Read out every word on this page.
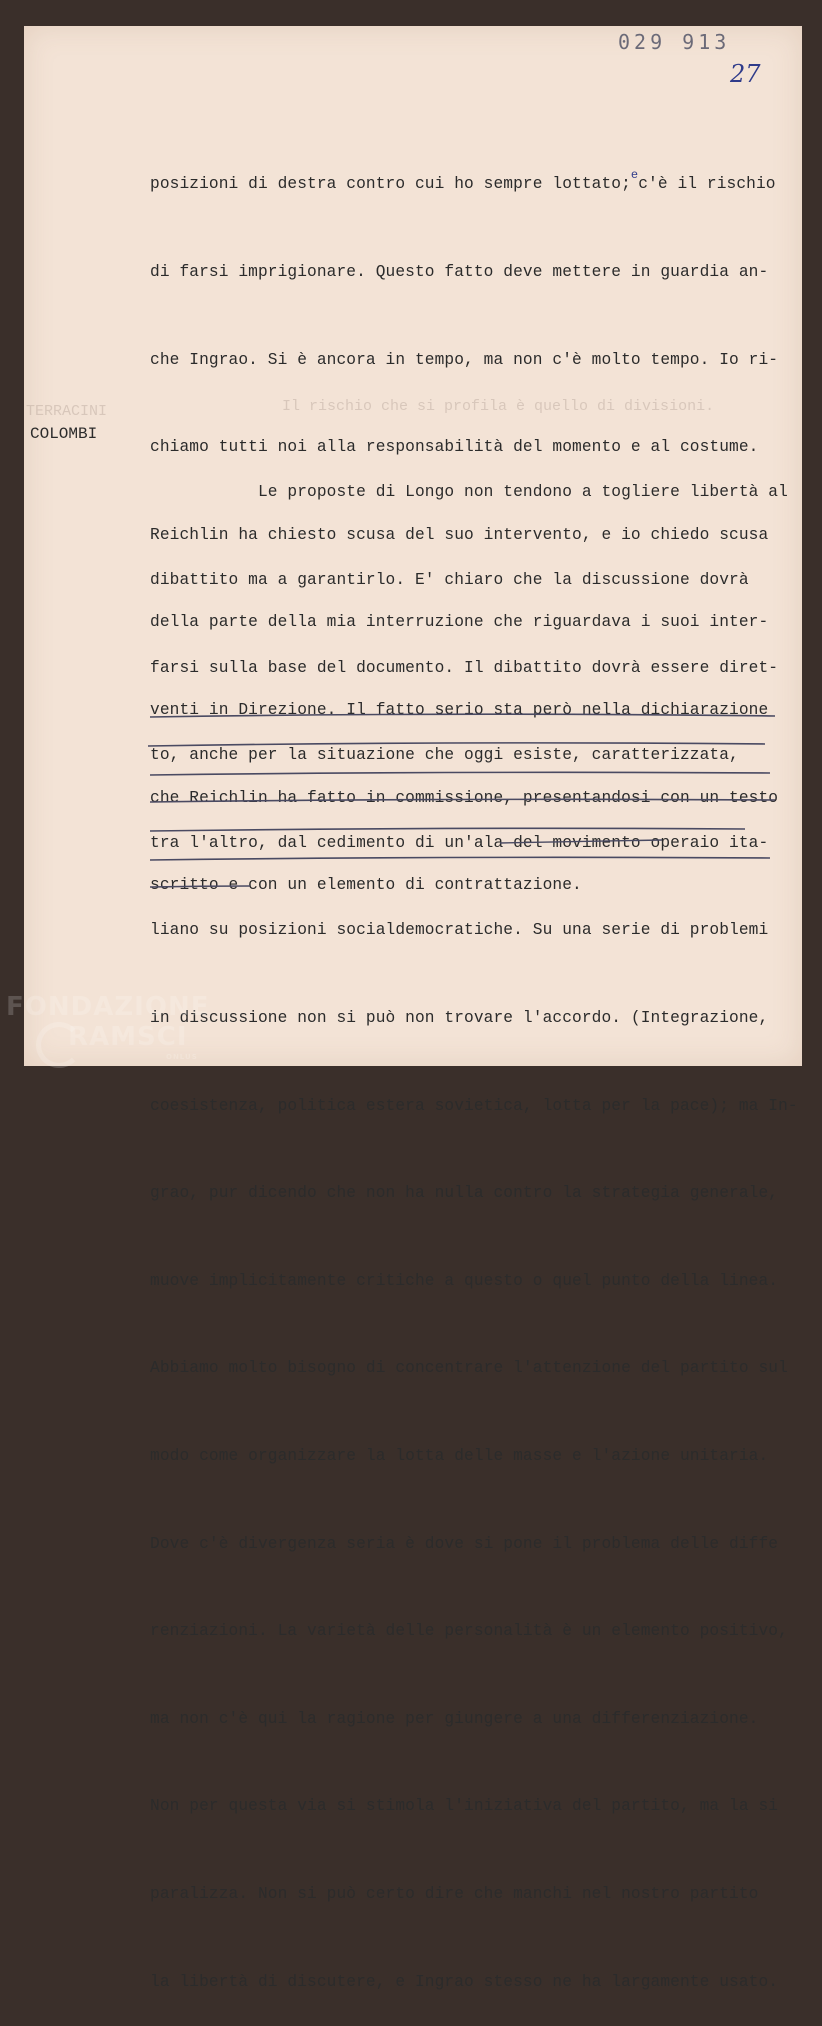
029 913
27
TERRACINI	Il rischio che si profila è quello di divisioni.

posizioni di destra contro cui ho sempre lottato;$^e$c'è il rischio

di farsi imprigionare. Questo fatto deve mettere in guardia an-

che Ingrao. Si è ancora in tempo, ma non c'è molto tempo. Io ri-

chiamo tutti noi alla responsabilità del momento e al costume.

Reichlin ha chiesto scusa del suo intervento, e io chiedo scusa

della parte della mia interruzione che riguardava i suoi inter-

venti in Direzione. Il fatto serio sta però nella dichiarazione

che Reichlin ha fatto in commissione, presentandosi con un testo

scritto e con un elemento di contrattazione.

COLOMBI

Le proposte di Longo non tendono a togliere libertà al

dibattito ma a garantirlo. E' chiaro che la discussione dovrà

farsi sulla base del documento. Il dibattito dovrà essere diret-

to, anche per la situazione che oggi esiste, caratterizzata,

tra l'altro, dal cedimento di un'ala del movimento operaio ita-

liano su posizioni socialdemocratiche. Su una serie di problemi

in discussione non si può non trovare l'accordo. (Integrazione,

coesistenza, politica estera sovietica, lotta per la pace); ma In-

grao, pur dicendo che non ha nulla contro la strategia generale,

muove implicitamente critiche a questo o quel punto della linea.

Abbiamo molto bisogno di concentrare l'attenzione del partito sul

modo come organizzare la lotta delle masse e l'azione unitaria.

Dove c'è divergenza seria è dove si pone il problema delle diffe

renziazioni. La varietà delle personalità è un elemento positivo,

ma non c'è qui la ragione per giungere a una differenziazione.

Non per questa via si stimola l'iniziativa del partito, ma la si

paralizza. Non si può certo dire che manchi nel nostro partito

la libertà di discutere, e Ingrao stesso ne ha largamente usato.

FONDAZIONE
RAMSCI
ONLUS
